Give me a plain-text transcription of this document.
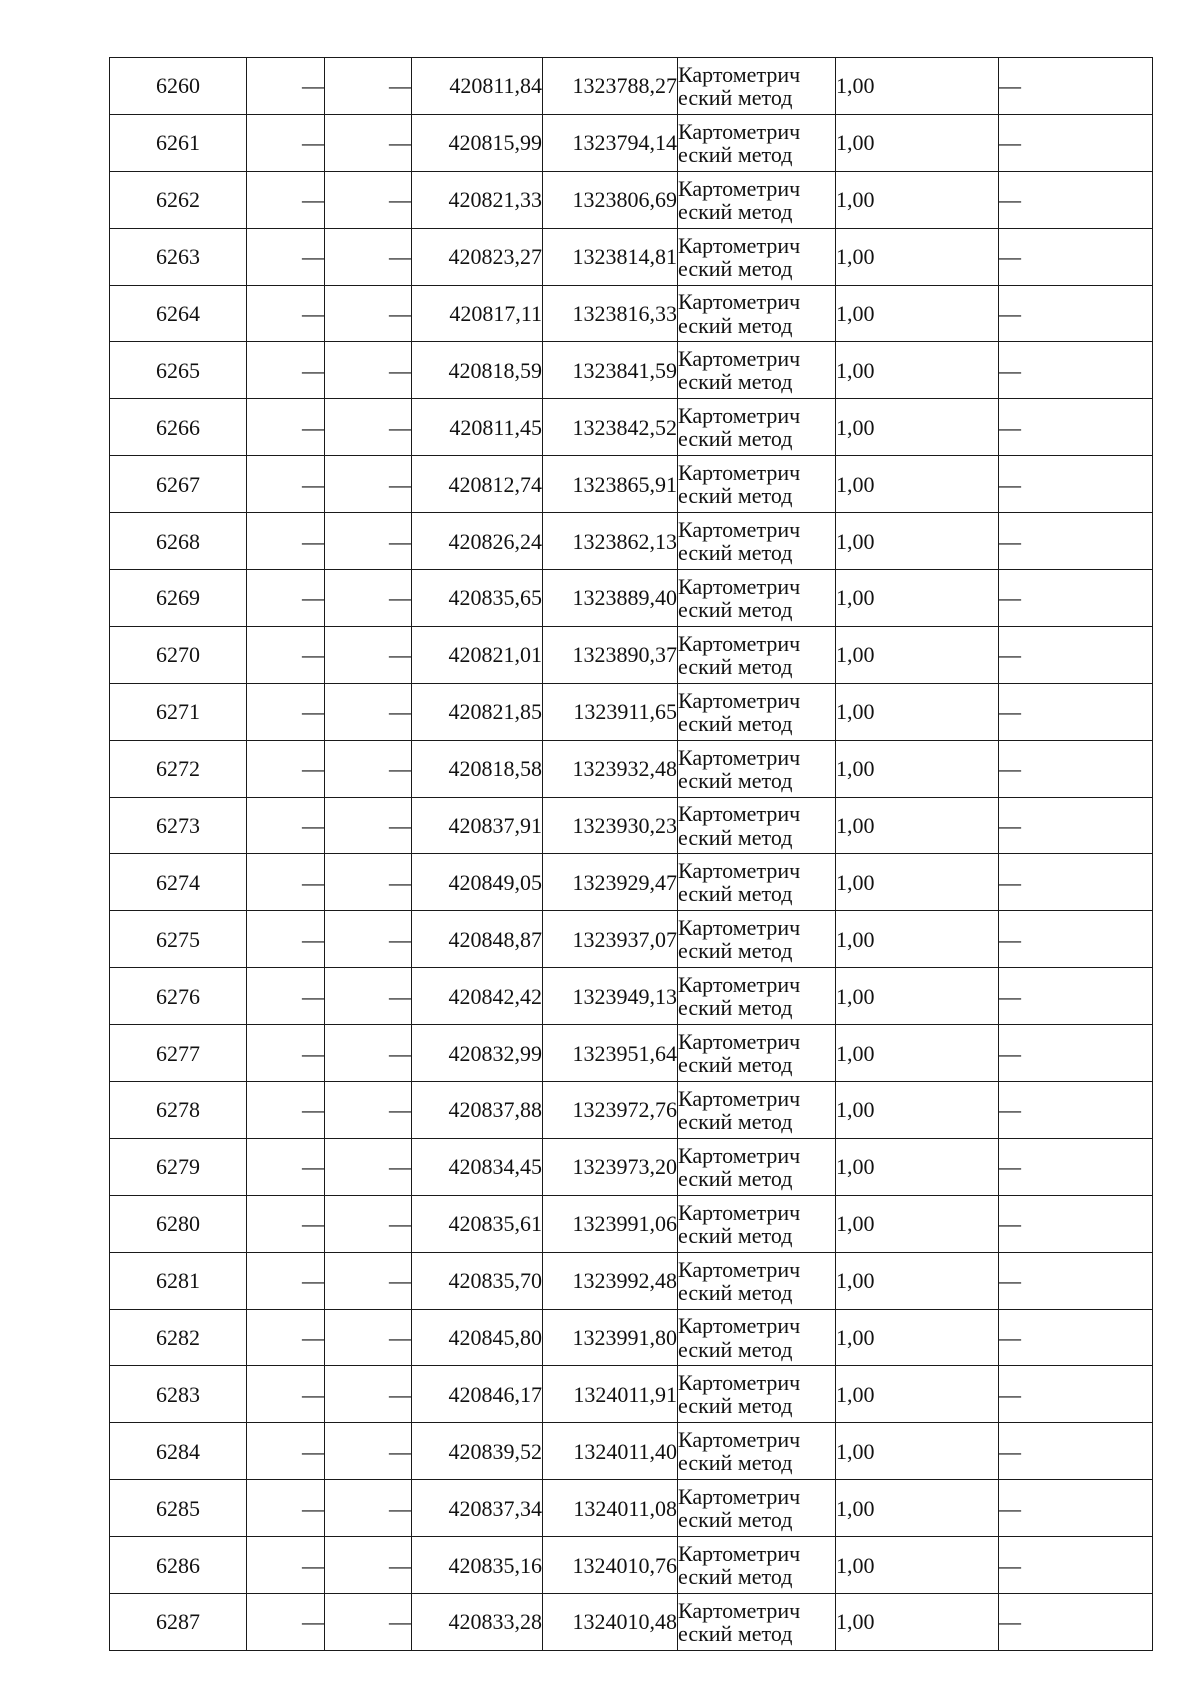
6260	—	—	420811,84	1323788,27	Картометрич
еский метод	1,00	—
6261	—	—	420815,99	1323794,14	Картометрич
еский метод	1,00	—
6262	—	—	420821,33	1323806,69	Картометрич
еский метод	1,00	—
6263	—	—	420823,27	1323814,81	Картометрич
еский метод	1,00	—
6264	—	—	420817,11	1323816,33	Картометрич
еский метод	1,00	—
6265	—	—	420818,59	1323841,59	Картометрич
еский метод	1,00	—
6266	—	—	420811,45	1323842,52	Картометрич
еский метод	1,00	—
6267	—	—	420812,74	1323865,91	Картометрич
еский метод	1,00	—
6268	—	—	420826,24	1323862,13	Картометрич
еский метод	1,00	—
6269	—	—	420835,65	1323889,40	Картометрич
еский метод	1,00	—
6270	—	—	420821,01	1323890,37	Картометрич
еский метод	1,00	—
6271	—	—	420821,85	1323911,65	Картометрич
еский метод	1,00	—
6272	—	—	420818,58	1323932,48	Картометрич
еский метод	1,00	—
6273	—	—	420837,91	1323930,23	Картометрич
еский метод	1,00	—
6274	—	—	420849,05	1323929,47	Картометрич
еский метод	1,00	—
6275	—	—	420848,87	1323937,07	Картометрич
еский метод	1,00	—
6276	—	—	420842,42	1323949,13	Картометрич
еский метод	1,00	—
6277	—	—	420832,99	1323951,64	Картометрич
еский метод	1,00	—
6278	—	—	420837,88	1323972,76	Картометрич
еский метод	1,00	—
6279	—	—	420834,45	1323973,20	Картометрич
еский метод	1,00	—
6280	—	—	420835,61	1323991,06	Картометрич
еский метод	1,00	—
6281	—	—	420835,70	1323992,48	Картометрич
еский метод	1,00	—
6282	—	—	420845,80	1323991,80	Картометрич
еский метод	1,00	—
6283	—	—	420846,17	1324011,91	Картометрич
еский метод	1,00	—
6284	—	—	420839,52	1324011,40	Картометрич
еский метод	1,00	—
6285	—	—	420837,34	1324011,08	Картометрич
еский метод	1,00	—
6286	—	—	420835,16	1324010,76	Картометрич
еский метод	1,00	—
6287	—	—	420833,28	1324010,48	Картометрич
еский метод	1,00	—
